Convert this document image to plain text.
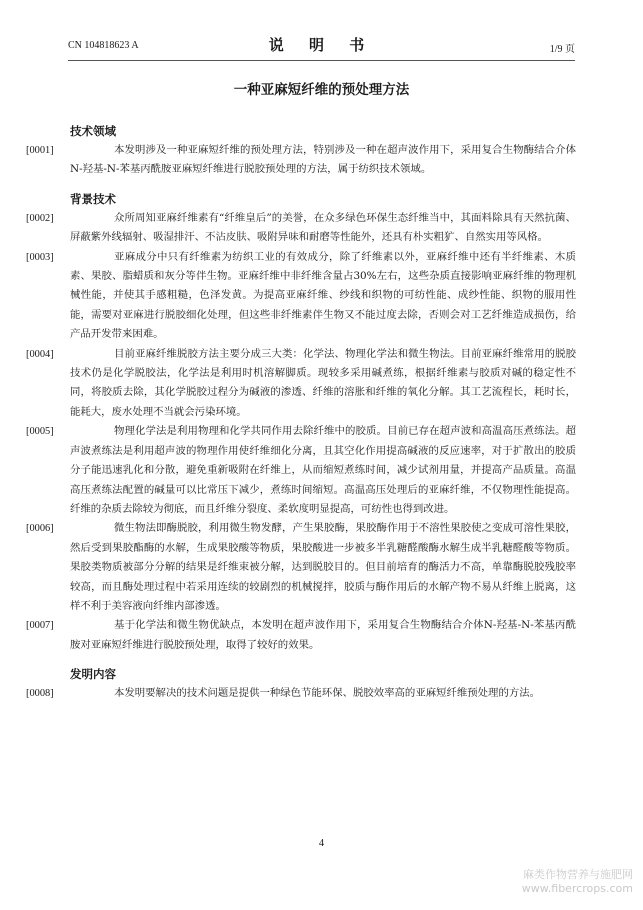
CN 104818623 A	说 明 书	1/9 页
一种亚麻短纤维的预处理方法
技术领域

[0001]	本发明涉及一种亚麻短纤维的预处理方法，特别涉及一种在超声波作用下，采用复合生物酶结合介体N-羟基-N-苯基丙酰胺亚麻短纤维进行脱胶预处理的方法，属于纺织技术领域。

背景技术

[0002]	众所周知亚麻纤维素有“纤维皇后”的美誉，在众多绿色环保生态纤维当中，其面料除具有天然抗菌、屏蔽紫外线辐射、吸湿排汗、不沾皮肤、吸附异味和耐磨等性能外，还具有朴实粗犷、自然实用等风格。

[0003]	亚麻成分中只有纤维素为纺织工业的有效成分，除了纤维素以外，亚麻纤维中还有半纤维素、木质素、果胶、脂蜡质和灰分等伴生物。亚麻纤维中非纤维含量占30%左右，这些杂质直接影响亚麻纤维的物理机械性能，并使其手感粗糙，色泽发黄。为提高亚麻纤维、纱线和织物的可纺性能、成纱性能、织物的服用性能，需要对亚麻进行脱胶细化处理，但这些非纤维素伴生物又不能过度去除，否则会对工艺纤维造成损伤，给产品开发带来困难。

[0004]	目前亚麻纤维脱胶方法主要分成三大类：化学法、物理化学法和微生物法。目前亚麻纤维常用的脱胶技术仍是化学脱胶法，化学法是利用时机溶解脚质。现较多采用碱煮练，根据纤维素与胶质对碱的稳定性不同，将胶质去除，其化学脱胶过程分为碱液的渗透、纤维的溶胀和纤维的氧化分解。其工艺流程长，耗时长，能耗大，废水处理不当就会污染环境。

[0005]	物理化学法是利用物理和化学共同作用去除纤维中的胶质。目前已存在超声波和高温高压煮练法。超声波煮练法是利用超声波的物理作用使纤维细化分离，且其空化作用提高碱液的反应速率，对于扩散出的胶质分子能迅速乳化和分散，避免重新吸附在纤维上，从而缩短煮练时间，减少试剂用量，并提高产品质量。高温高压煮练法配置的碱量可以比常压下减少，煮练时间缩短。高温高压处理后的亚麻纤维，不仅物理性能提高。纤维的杂质去除较为彻底，而且纤维分裂度、柔软度明显提高，可纺性也得到改进。

[0006]	微生物法即酶脱胶，利用微生物发酵，产生果胶酶，果胶酶作用于不溶性果胶使之变成可溶性果胶，然后受到果胶酯酶的水解，生成果胶酸等物质，果胶酸进一步被多半乳糖醛酸酶水解生成半乳糖醛酸等物质。果胶类物质被部分分解的结果是纤维束被分解，达到脱胶目的。但目前培育的酶活力不高，单靠酶脱胶残胶率较高，而且酶处理过程中若采用连续的较剧烈的机械搅拌，胶质与酶作用后的水解产物不易从纤维上脱离，这样不利于美容液向纤维内部渗透。

[0007]	基于化学法和微生物优缺点，本发明在超声波作用下，采用复合生物酶结合介体N-羟基-N-苯基丙酰胺对亚麻短纤维进行脱胶预处理，取得了较好的效果。

发明内容

[0008]	本发明要解决的技术问题是提供一种绿色节能环保、脱胶效率高的亚麻短纤维预处理的方法。

4
麻类作物营养与施肥网
www.fibercrops.com
